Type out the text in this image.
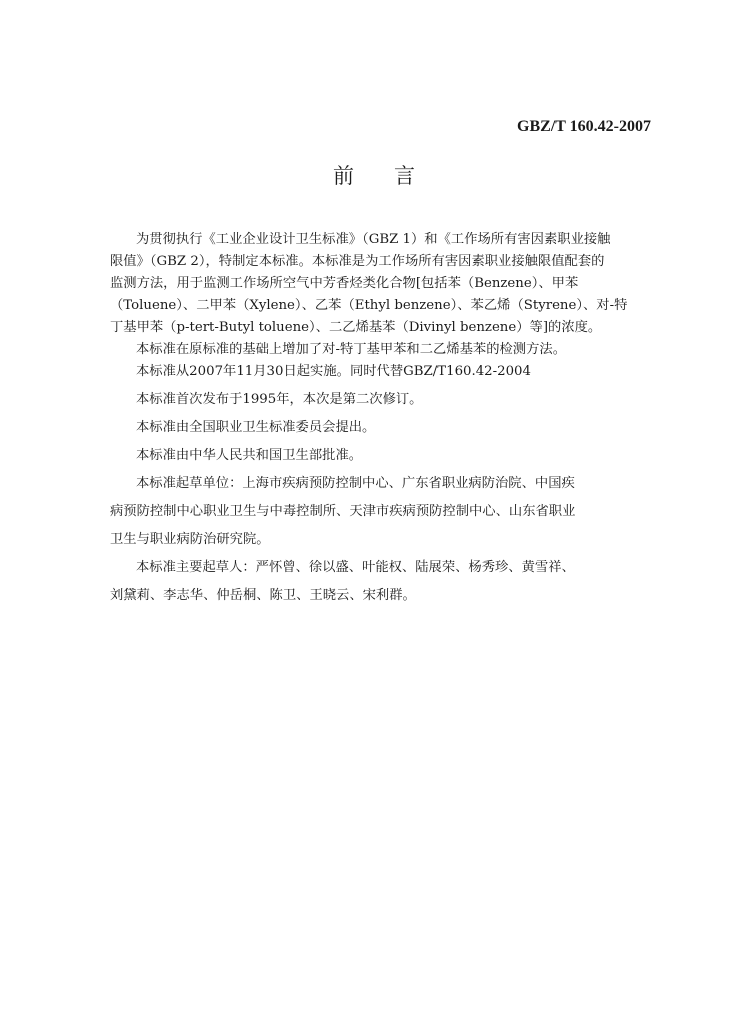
GBZ/T 160.42-2007

前言
为贯彻执行《工业企业设计卫生标准》（GBZ 1）和《工作场所有害因素职业接触
限值》（GBZ 2），特制定本标准。本标准是为工作场所有害因素职业接触限值配套的
监测方法，用于监测工作场所空气中芳香烃类化合物[包括苯（Benzene）、甲苯
（Toluene）、二甲苯（Xylene）、乙苯（Ethyl benzene）、苯乙烯（Styrene）、对-特
丁基甲苯（p-tert-Butyl toluene）、二乙烯基苯（Divinyl benzene）等]的浓度。
本标准在原标准的基础上增加了对-特丁基甲苯和二乙烯基苯的检测方法。
本标准从2007年11月30日起实施。同时代替GBZ/T160.42-2004
本标准首次发布于1995年，本次是第二次修订。
本标准由全国职业卫生标准委员会提出。
本标准由中华人民共和国卫生部批准。
本标准起草单位：上海市疾病预防控制中心、广东省职业病防治院、中国疾
病预防控制中心职业卫生与中毒控制所、天津市疾病预防控制中心、山东省职业
卫生与职业病防治研究院。
本标准主要起草人：严怀曾、徐以盛、叶能权、陆展荣、杨秀珍、黄雪祥、
刘黛莉、李志华、仲岳桐、陈卫、王晓云、宋利群。
